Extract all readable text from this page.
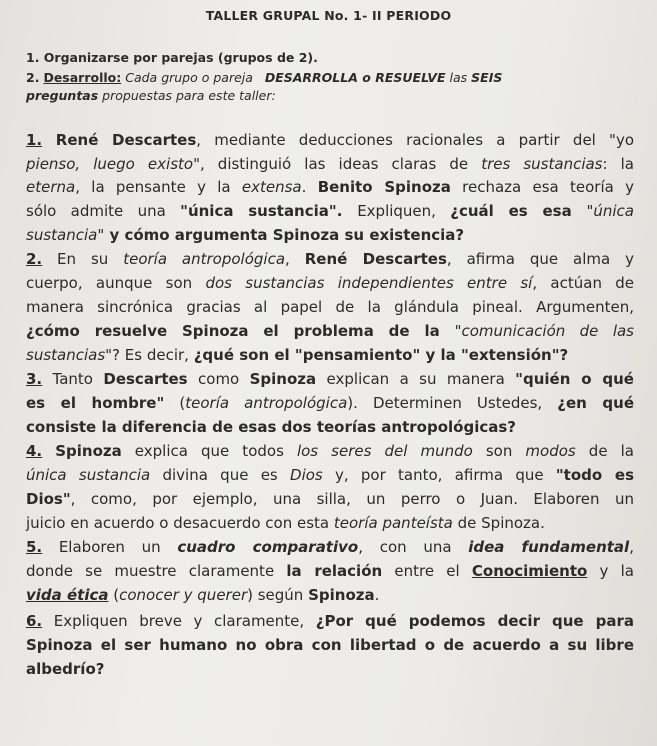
TALLER GRUPAL No. 1- II PERIODO
1. Organizarse por parejas (grupos de 2).
2. Desarrollo: Cada grupo o pareja DESARROLLA o RESUELVE las SEIS
preguntas propuestas para este taller:
1. René Descartes, mediante deducciones racionales a partir del "yo
pienso, luego existo", distinguió las ideas claras de tres sustancias: la
eterna, la pensante y la extensa. Benito Spinoza rechaza esa teoría y
sólo admite una "única sustancia". Expliquen, ¿cuál es esa "única
sustancia" y cómo argumenta Spinoza su existencia?
2. En su teoría antropológica, René Descartes, afirma que alma y
cuerpo, aunque son dos sustancias independientes entre sí, actúan de
manera sincrónica gracias al papel de la glándula pineal. Argumenten,
¿cómo resuelve Spinoza el problema de la "comunicación de las
sustancias"? Es decir, ¿qué son el "pensamiento" y la "extensión"?
3. Tanto Descartes como Spinoza explican a su manera "quién o qué
es el hombre" (teoría antropológica). Determinen Ustedes, ¿en qué
consiste la diferencia de esas dos teorías antropológicas?
4. Spinoza explica que todos los seres del mundo son modos de la
única sustancia divina que es Dios y, por tanto, afirma que "todo es
Dios", como, por ejemplo, una silla, un perro o Juan. Elaboren un
juicio en acuerdo o desacuerdo con esta teoría panteísta de Spinoza.
5. Elaboren un cuadro comparativo, con una idea fundamental,
donde se muestre claramente la relación entre el Conocimiento y la
vida ética (conocer y querer) según Spinoza.
6. Expliquen breve y claramente, ¿Por qué podemos decir que para
Spinoza el ser humano no obra con libertad o de acuerdo a su libre
albedrío?
